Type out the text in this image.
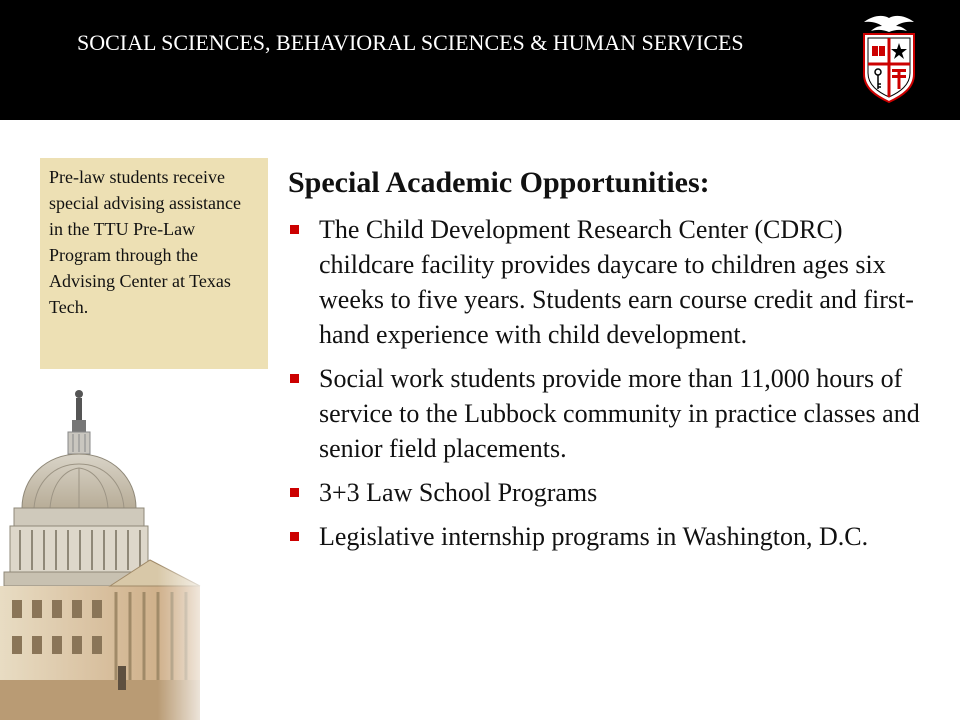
SOCIAL SCIENCES, BEHAVIORAL SCIENCES & HUMAN SERVICES
Pre-law students receive special advising assistance in the TTU Pre-Law Program through the Advising Center at Texas Tech.
Special Academic Opportunities:
The Child Development Research Center (CDRC) childcare facility provides daycare to children ages six weeks to five years. Students earn course credit and first-hand experience with child development.
Social work students provide more than 11,000 hours of service to the Lubbock community in practice classes and senior field placements.
3+3 Law School Programs
Legislative internship programs in Washington, D.C.
